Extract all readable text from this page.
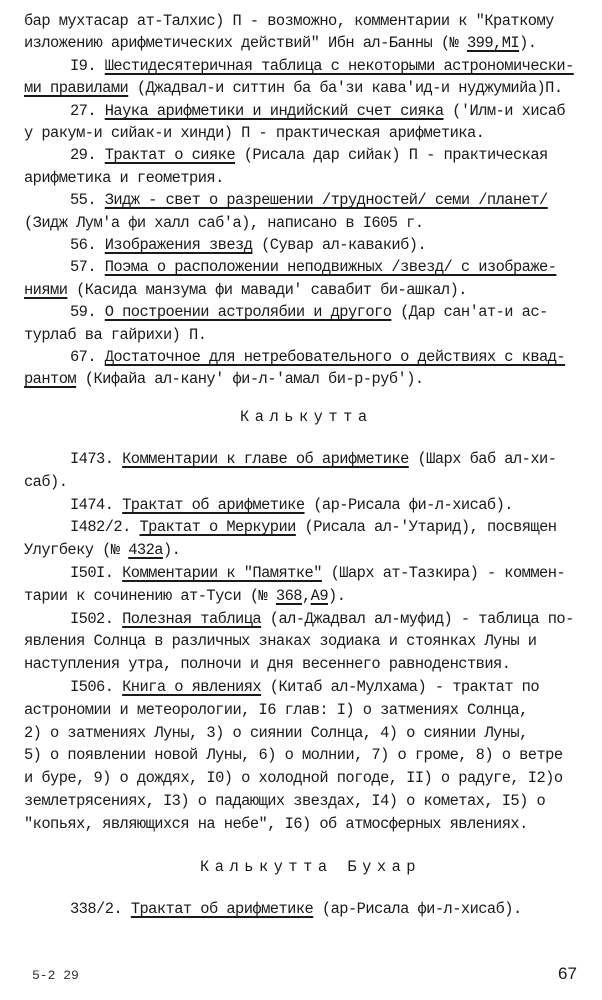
бар мухтасар ат-Талхис) П - возможно, комментарии к "Краткому
изложению арифметических действий" Ибн ал-Банны (№ 399,MI).
I9. Шестидесятеричная таблица с некоторыми астрономически-
ми правилами (Джадвал-и ситтин ба ба'зи кава'ид-и нуджумийа)П.
27. Наука арифметики и индийский счет сияка ('Илм-и хисаб
у ракум-и сийак-и хинди) П - практическая арифметика.
29. Трактат о сияке (Рисала дар сийак) П - практическая
арифметика и геометрия.
55. Зидж - свет о разрешении /трудностей/ семи /планет/
(Зидж Лум'а фи халл саб'а), написано в I605 г.
56. Изображения звезд (Сувар ал-кавакиб).
57. Поэма о расположении неподвижных /звезд/ с изображе-
ниями (Касида манзума фи мавади' савабит би-ашкал).
59. О построении астролябии и другого (Дар сан'ат-и ас-
турлаб ва гайрихи) П.
67. Достаточное для нетребовательного о действиях с квад-
рантом (Кифайа ал-кану' фи-л-'амал би-р-руб').
I473. Комментарии к главе об арифметике (Шарх баб ал-хи-
саб).
I474. Трактат об арифметике (ар-Рисала фи-л-хисаб).
I482/2. Трактат о Меркурии (Рисала ал-'Утарид), посвящен
Улугбеку (№ 432a).
I50I. Комментарии к "Памятке" (Шарх ат-Тазкира) - коммен-
тарии к сочинению ат-Туси (№ 368,A9).
I502. Полезная таблица (ал-Джадвал ал-муфид) - таблица по-
явления Солнца в различных знаках зодиака и стоянках Луны и
наступления утра, полночи и дня весеннего равноденствия.
I506. Книга о явлениях (Китаб ал-Мулхама) - трактат по
астрономии и метеорологии, I6 глав: I) о затмениях Солнца,
2) о затмениях Луны, 3) о сиянии Солнца, 4) о сиянии Луны,
5) о появлении новой Луны, 6) о молнии, 7) о громе, 8) о ветре
и буре, 9) о дождях, I0) о холодной погоде, II) о радуге, I2)о
землетрясениях, I3) о падающих звездах, I4) о кометах, I5) о
"копьях, являющихся на небе", I6) об атмосферных явлениях.
338/2. Трактат об арифметике (ар-Рисала фи-л-хисаб).
Калькутта
Калькутта Бухар
5-2 29	67
